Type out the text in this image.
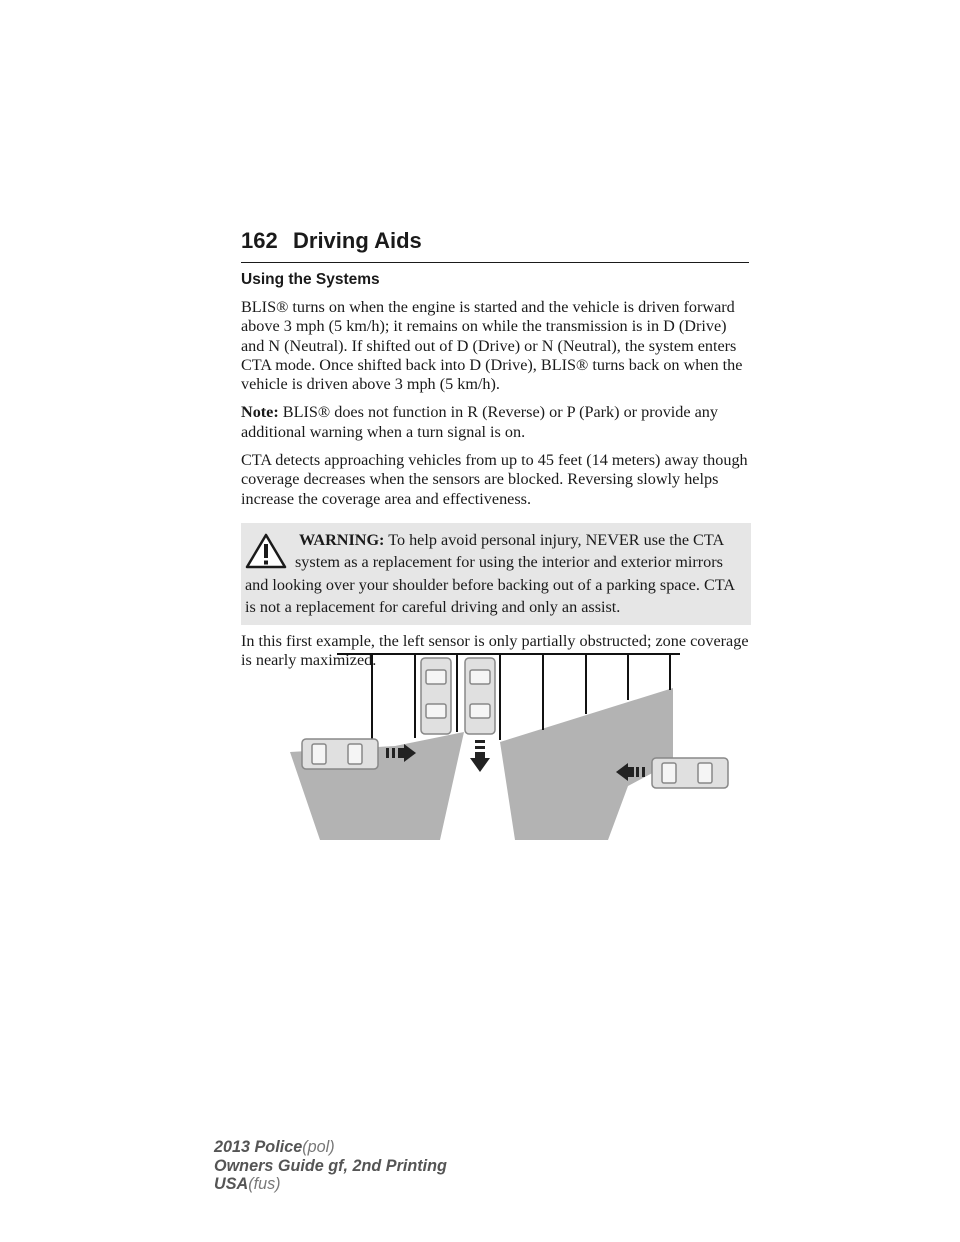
162 Driving Aids
Using the Systems

BLIS® turns on when the engine is started and the vehicle is driven forward above 3 mph (5 km/h); it remains on while the transmission is in D (Drive) and N (Neutral). If shifted out of D (Drive) or N (Neutral), the system enters CTA mode. Once shifted back into D (Drive), BLIS® turns back on when the vehicle is driven above 3 mph (5 km/h).

Note: BLIS® does not function in R (Reverse) or P (Park) or provide any additional warning when a turn signal is on.

CTA detects approaching vehicles from up to 45 feet (14 meters) away though coverage decreases when the sensors are blocked. Reversing slowly helps increase the coverage area and effectiveness.

WARNING: To help avoid personal injury, NEVER use the CTA system as a replacement for using the interior and exterior mirrors and looking over your shoulder before backing out of a parking space. CTA is not a replacement for careful driving and only an assist.

In this first example, the left sensor is only partially obstructed; zone coverage is nearly maximized.

2013 Police(pol)
Owners Guide gf, 2nd Printing
USA(fus)
